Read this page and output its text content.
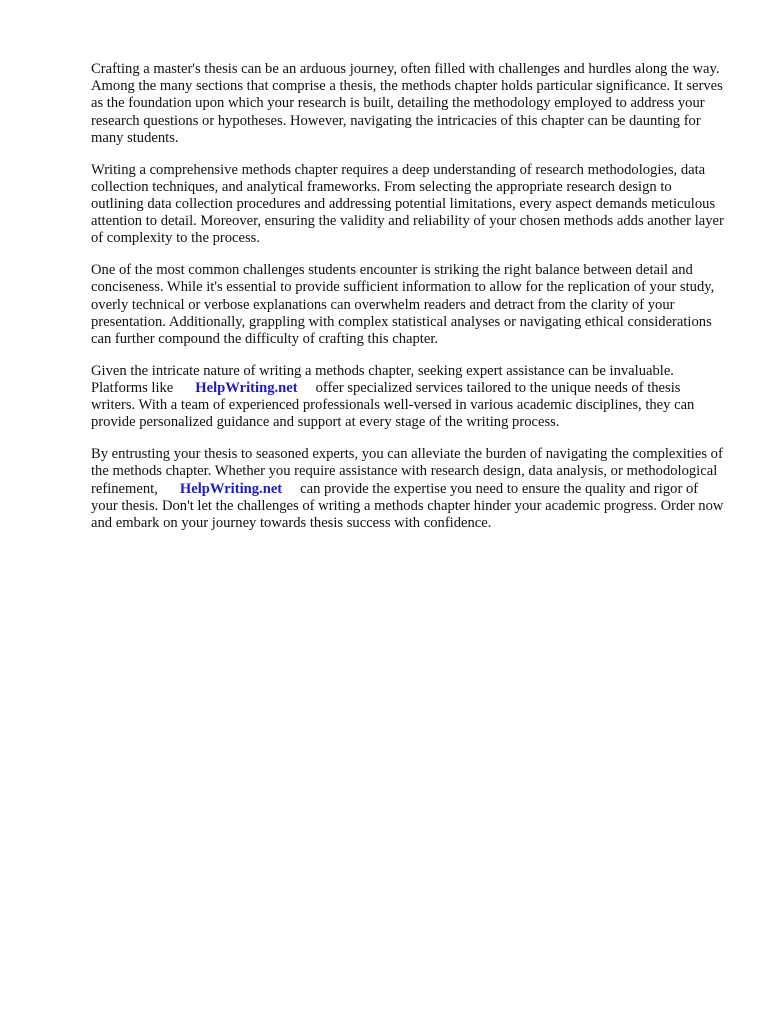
Crafting a master's thesis can be an arduous journey, often filled with challenges and hurdles along the way. Among the many sections that comprise a thesis, the methods chapter holds particular significance. It serves as the foundation upon which your research is built, detailing the methodology employed to address your research questions or hypotheses. However, navigating the intricacies of this chapter can be daunting for many students.

Writing a comprehensive methods chapter requires a deep understanding of research methodologies, data collection techniques, and analytical frameworks. From selecting the appropriate research design to outlining data collection procedures and addressing potential limitations, every aspect demands meticulous attention to detail. Moreover, ensuring the validity and reliability of your chosen methods adds another layer of complexity to the process.

One of the most common challenges students encounter is striking the right balance between detail and conciseness. While it's essential to provide sufficient information to allow for the replication of your study, overly technical or verbose explanations can overwhelm readers and detract from the clarity of your presentation. Additionally, grappling with complex statistical analyses or navigating ethical considerations can further compound the difficulty of crafting this chapter.

Given the intricate nature of writing a methods chapter, seeking expert assistance can be invaluable. Platforms like HelpWriting.net offer specialized services tailored to the unique needs of thesis writers. With a team of experienced professionals well-versed in various academic disciplines, they can provide personalized guidance and support at every stage of the writing process.

By entrusting your thesis to seasoned experts, you can alleviate the burden of navigating the complexities of the methods chapter. Whether you require assistance with research design, data analysis, or methodological refinement, HelpWriting.net can provide the expertise you need to ensure the quality and rigor of your thesis. Don't let the challenges of writing a methods chapter hinder your academic progress. Order now and embark on your journey towards thesis success with confidence.
